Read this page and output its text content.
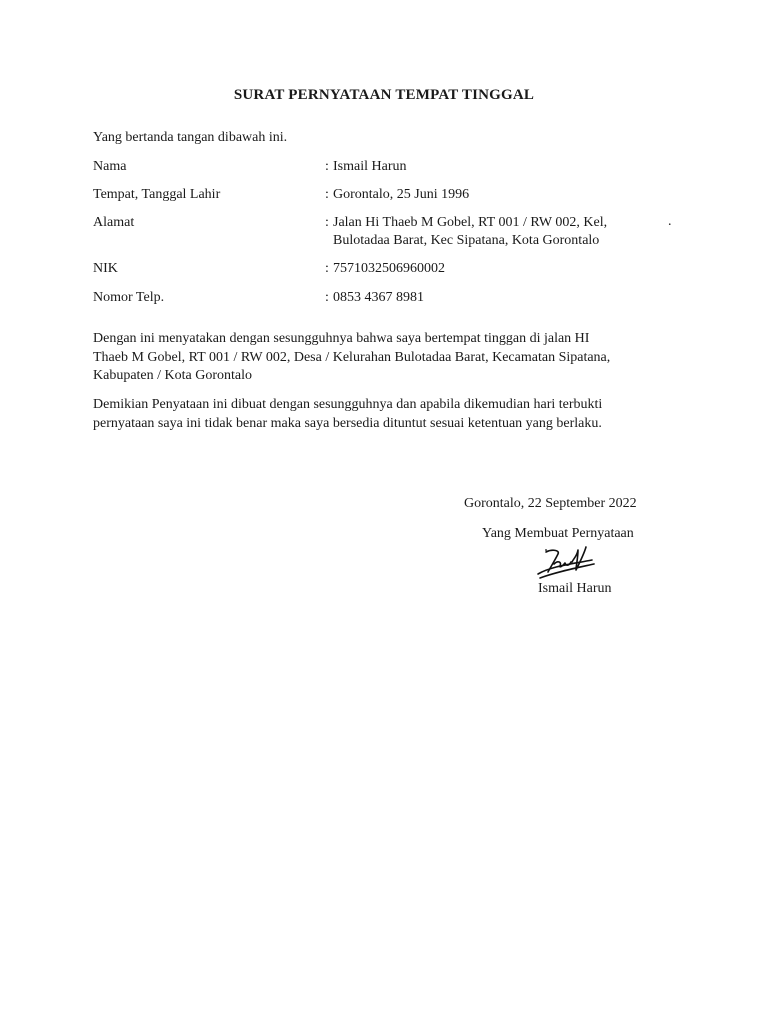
SURAT PERNYATAAN TEMPAT TINGGAL
Yang bertanda tangan dibawah ini.
Nama	: Ismail Harun
Tempat, Tanggal Lahir	: Gorontalo, 25 Juni 1996
Alamat	: Jalan Hi Thaeb M Gobel, RT 001 / RW 002, Kel,
Bulotadaa Barat, Kec Sipatana, Kota Gorontalo
.
NIK	: 7571032506960002
Nomor Telp.	: 0853 4367 8981
Dengan ini menyatakan dengan sesungguhnya bahwa saya bertempat tinggan di jalan HI
Thaeb M Gobel, RT 001 / RW 002, Desa / Kelurahan Bulotadaa Barat, Kecamatan Sipatana,
Kabupaten / Kota Gorontalo
Demikian Penyataan ini dibuat dengan sesungguhnya dan apabila dikemudian hari terbukti
pernyataan saya ini tidak benar maka saya bersedia dituntut sesuai ketentuan yang berlaku.
Gorontalo, 22 September 2022
Yang Membuat Pernyataan
Ismail Harun
